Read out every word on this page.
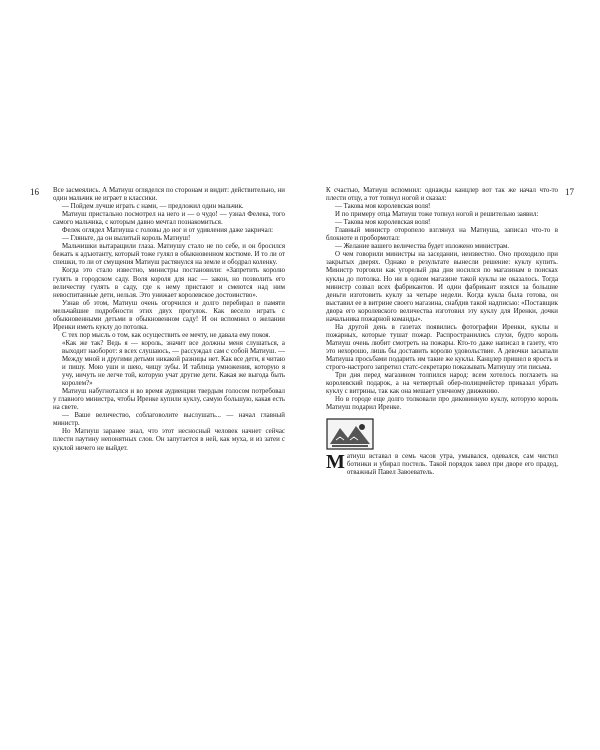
16	17

Все засмеялись. А Матиуш огляделся по сторонам и видит: действительно, ни один мальчик не играет в классики.

— Пойдем лучше играть с нами, — предложил один мальчик.

Матиуш пристально посмотрел на него и — о чудо! — узнал Фелека, того самого мальчика, с которым давно мечтал познакомиться.

Фелек оглядел Матиуша с головы до ног и от удивления даже закричал:

— Гляньте, да он вылитый король Матиуш!

Мальчишки вытаращили глаза. Матиушу стало не по себе, и он бросился бежать к адъютанту, который тоже гулял в обыкновенном костюме. И то ли от спешки, то ли от смущения Матиуш растянулся на земле и ободрал коленку.

Когда это стало известно, министры постановили: «Запретить королю гулять в городском саду. Воля короля для нас — закон, но позволить его величеству гулять в саду, где к нему пристают и смеются над ним невоспитанные дети, нельзя. Это унижает королевское достоинство».

Узнав об этом, Матиуш очень огорчился и долго перебирал в памяти мельчайшие подробности этих двух прогулок. Как весело играть с обыкновенными детьми в обыкновенном саду! И он вспомнил о желании Иренки иметь куклу до потолка.

С тех пор мысль о том, как осуществить ее мечту, не давала ему покоя.

«Как же так? Ведь я — король, значит все должны меня слушаться, а выходит наоборот: я всех слушаюсь, — рассуждал сам с собой Матиуш. — Между мной и другими детьми никакой разницы нет. Как все дети, я читаю и пишу. Мою уши и шею, чищу зубы. И таблица умножения, которую я учу, ничуть не легче той, которую учат другие дети. Какая же выгода быть королем?»

Матиуш набугнотался и во время аудиенции твердым голосом потребовал у главного министра, чтобы Иренке купили куклу, самую большую, какая есть на свете.

— Ваше величество, соблаговолите выслушать... — начал главный министр.

Но Матиуш заранее знал, что этот несносный человек начнет сейчас плести паутину непонятных слов. Он запутается в ней, как муха, и из затеи с куклой ничего не выйдет.

К счастью, Матиуш вспомнил: однажды канцлер вот так же начал что-то плести отцу, а тот топнул ногой и сказал:

— Такова моя королевская воля!

И по примеру отца Матиуш тоже топнул ногой и решительно заявил:

— Такова моя королевская воля!

Главный министр оторопело взглянул на Матиуша, записал что-то в блокноте и пробормотал:

— Желание вашего величества будет изложено министрам.

О чем говорили министры на заседании, неизвестно. Оно проходило при закрытых дверях. Однако в результате вынесли решение: куклу купить. Министр торговли как угорелый два дня носился по магазинам в поисках куклы до потолка. Но ни в одном магазине такой куклы не оказалось. Тогда министр созвал всех фабрикантов. И один фабрикант взялся за большие деньги изготовить куклу за четыре недели. Когда кукла была готова, он выставил ее в витрине своего магазина, снабдив такой надписью: «Поставщик двора его королевского величества изготовил эту куклу для Иренки, дочки начальника пожарной команды».

На другой день в газетах появились фотографии Иренки, куклы и пожарных, которые тушат пожар. Распространились слухи, будто король Матиуш очень любит смотреть на пожары. Кто-то даже написал в газету, что это нехорошо, лишь бы доставить королю удовольствие. А девочки засыпали Матиуша просьбами подарить им такие же куклы. Канцлер пришел в ярость и строго-настрого запретил статс-секретарю показывать Матиушу эти письма.

Три дня перед магазином толпился народ: всем хотелось поглазеть на королевский подарок, а на четвертый обер-полицмейстер приказал убрать куклу с витрины, так как она мешает уличному движению.

Но в городе еще долго толковали про диковинную куклу, которую король Матиуш подарил Иренке.

М атиуш вставал в семь часов утра, умывался, одевался, сам чистил ботинки и убирал постель. Такой порядок завел при дворе его прадед, отважный Павел Завоеватель.
